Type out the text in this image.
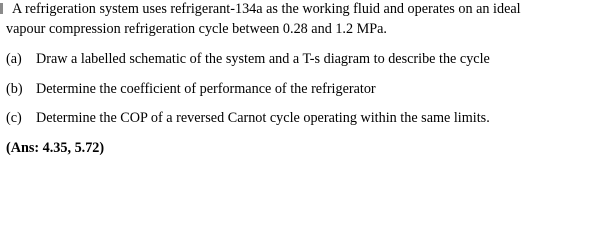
A refrigeration system uses refrigerant-134a as the working fluid and operates on an ideal
vapour compression refrigeration cycle between 0.28 and 1.2 MPa.
(a) Draw a labelled schematic of the system and a T-s diagram to describe the cycle
(b) Determine the coefficient of performance of the refrigerator
(c) Determine the COP of a reversed Carnot cycle operating within the same limits.
(Ans: 4.35, 5.72)
